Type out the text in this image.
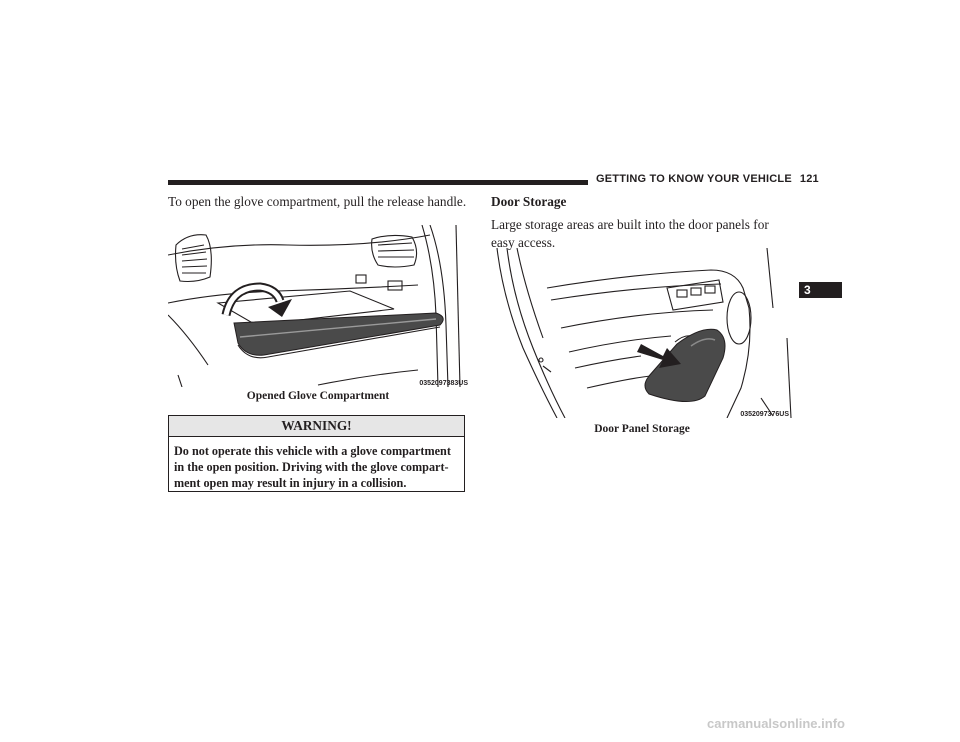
GETTING TO KNOW YOUR VEHICLE 121
3
To open the glove compartment, pull the release handle.
0352097383US
Opened Glove Compartment
WARNING!
Do not operate this vehicle with a glove compartment in the open position. Driving with the glove compart-ment open may result in injury in a collision.
Door Storage
Large storage areas are built into the door panels for easy access.
0352097376US
Door Panel Storage
carmanualsonline.info
